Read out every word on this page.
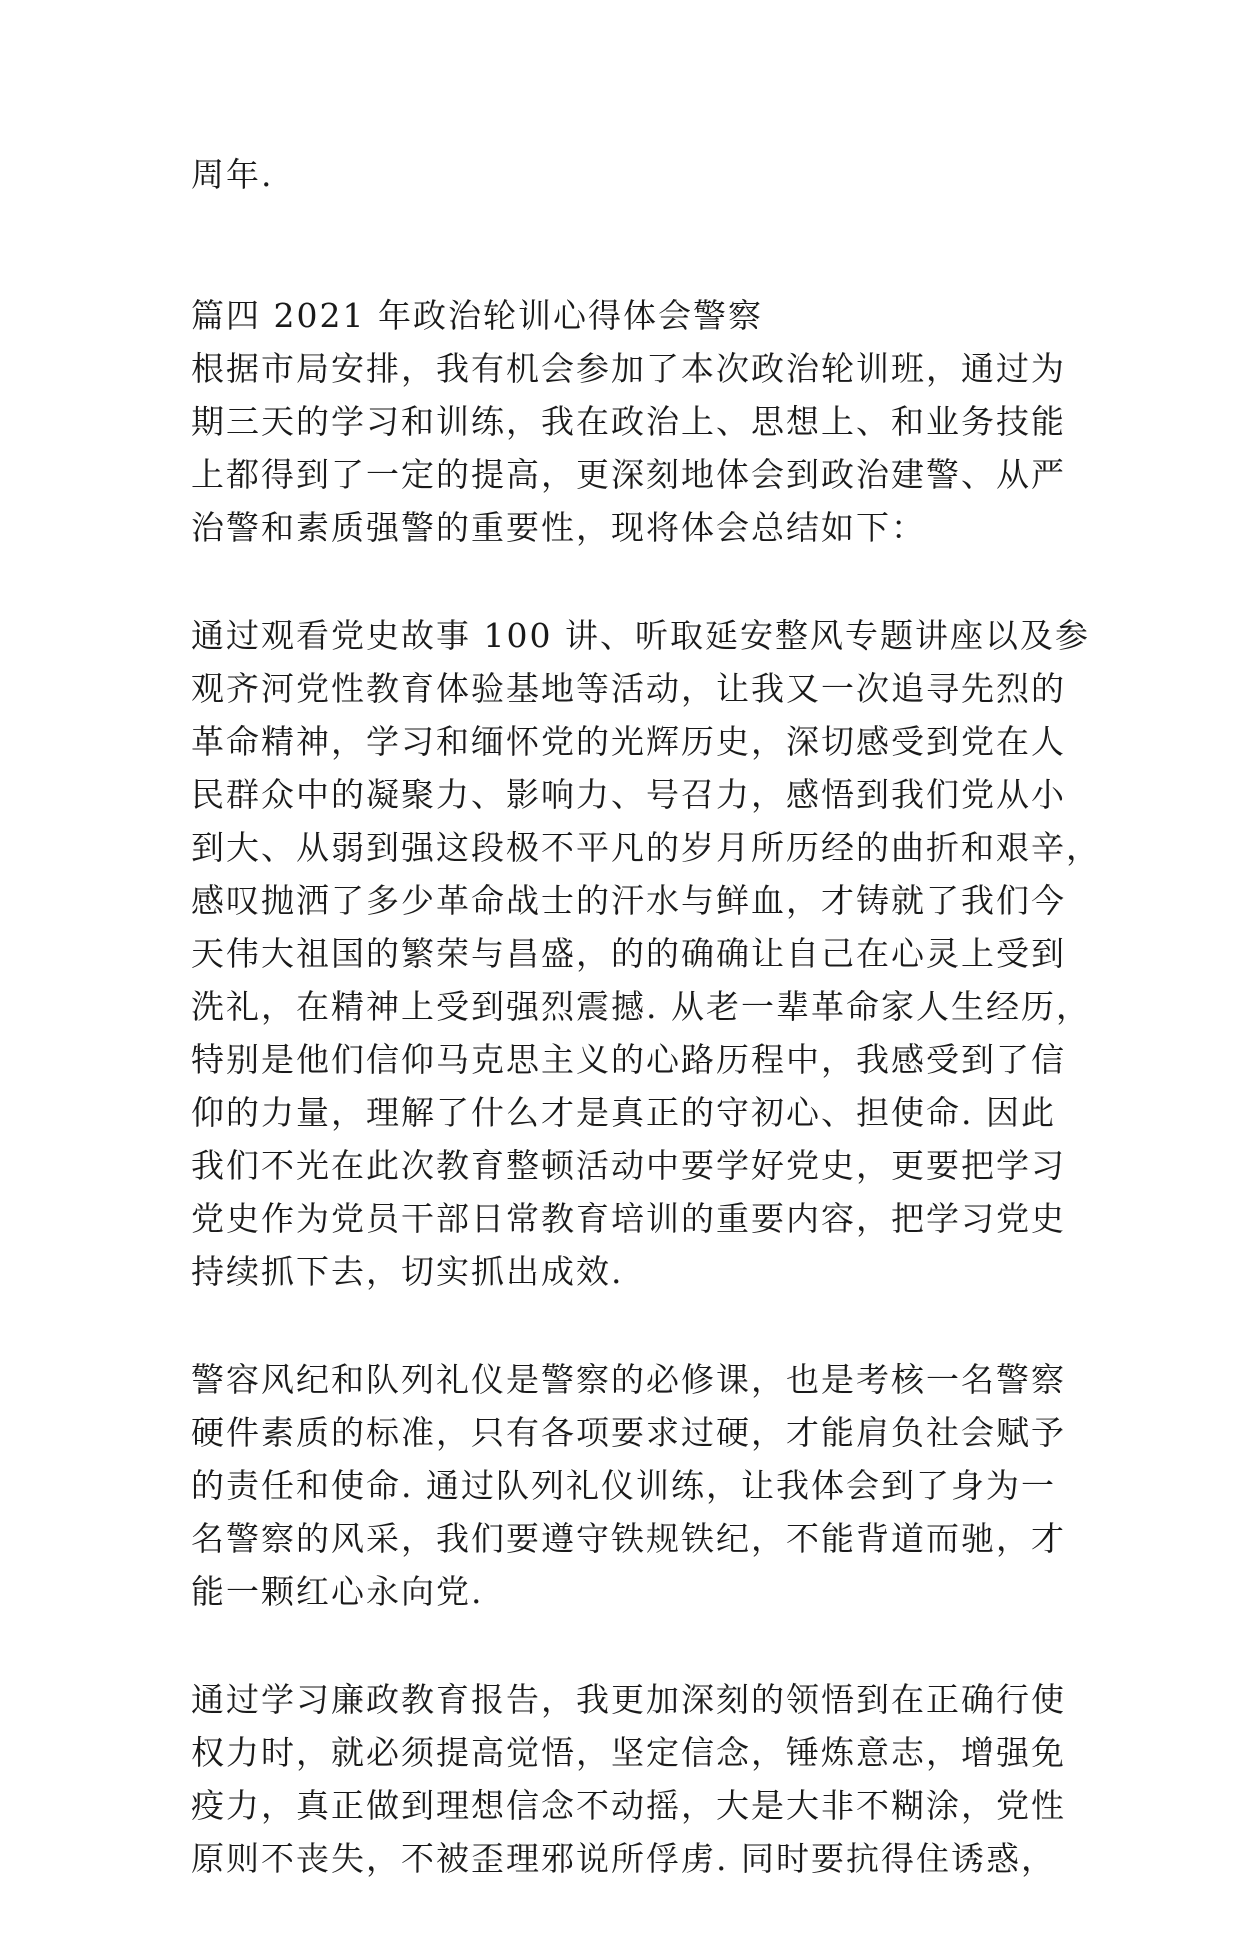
周年.

篇四 2021 年政治轮训心得体会警察

根据市局安排，我有机会参加了本次政治轮训班，通过为

期三天的学习和训练，我在政治上、思想上、和业务技能

上都得到了一定的提高，更深刻地体会到政治建警、从严

治警和素质强警的重要性，现将体会总结如下：

通过观看党史故事 100 讲、听取延安整风专题讲座以及参

观齐河党性教育体验基地等活动，让我又一次追寻先烈的

革命精神，学习和缅怀党的光辉历史，深切感受到党在人

民群众中的凝聚力、影响力、号召力，感悟到我们党从小

到大、从弱到强这段极不平凡的岁月所历经的曲折和艰辛，

感叹抛洒了多少革命战士的汗水与鲜血，才铸就了我们今

天伟大祖国的繁荣与昌盛，的的确确让自己在心灵上受到

洗礼，在精神上受到强烈震撼. 从老一辈革命家人生经历，

特别是他们信仰马克思主义的心路历程中，我感受到了信

仰的力量，理解了什么才是真正的守初心、担使命. 因此

我们不光在此次教育整顿活动中要学好党史，更要把学习

党史作为党员干部日常教育培训的重要内容，把学习党史

持续抓下去，切实抓出成效.

警容风纪和队列礼仪是警察的必修课，也是考核一名警察

硬件素质的标准，只有各项要求过硬，才能肩负社会赋予

的责任和使命. 通过队列礼仪训练，让我体会到了身为一

名警察的风采，我们要遵守铁规铁纪，不能背道而驰，才

能一颗红心永向党.

通过学习廉政教育报告，我更加深刻的领悟到在正确行使

权力时，就必须提高觉悟，坚定信念，锤炼意志，增强免

疫力，真正做到理想信念不动摇，大是大非不糊涂，党性

原则不丧失，不被歪理邪说所俘虏. 同时要抗得住诱惑，
